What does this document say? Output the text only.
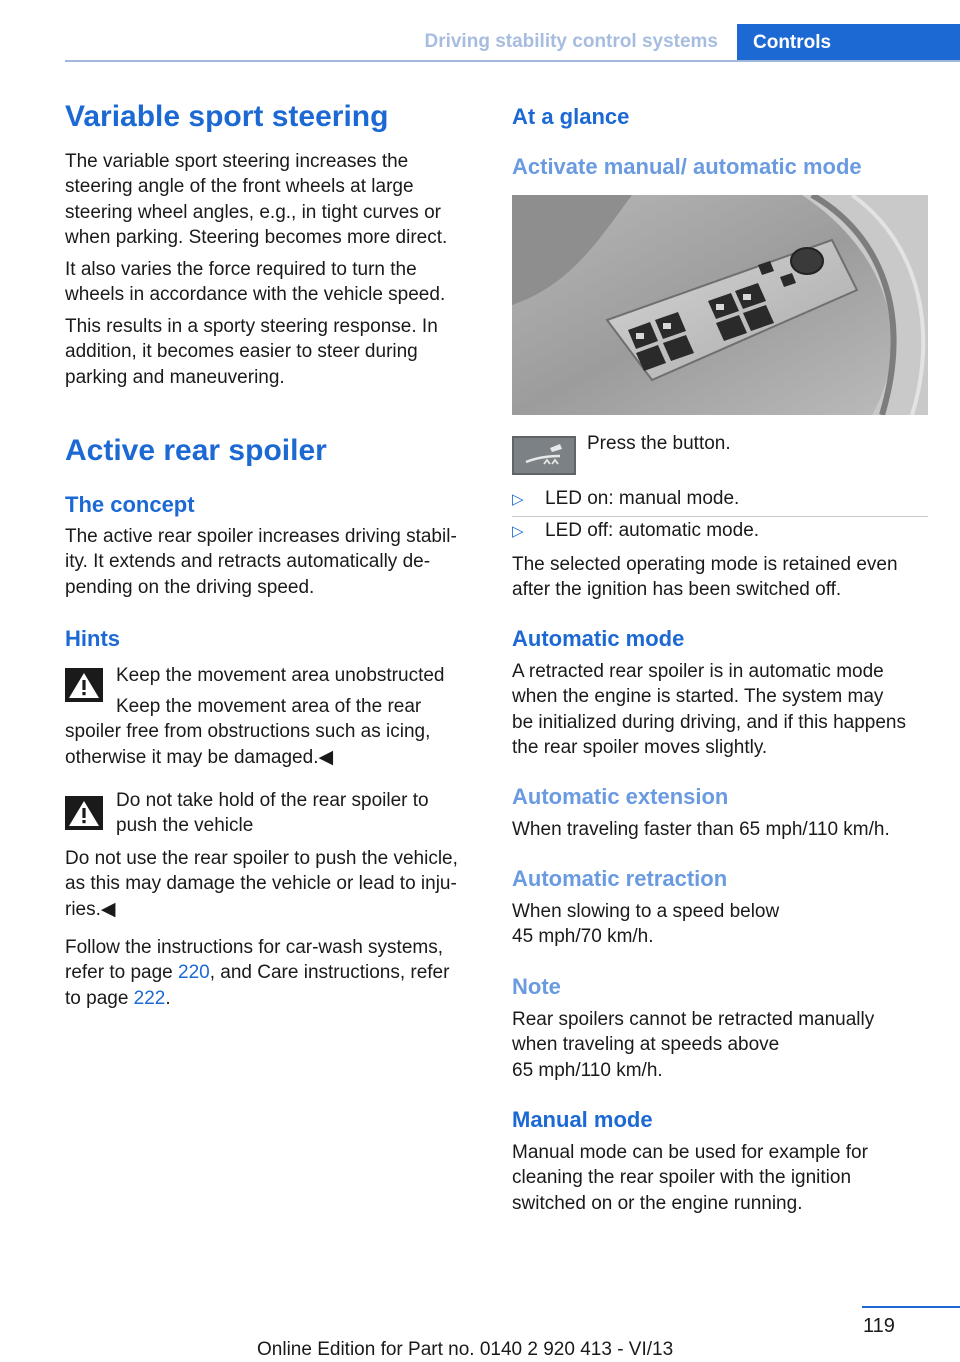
Driving stability control systems	Controls
Variable sport steering
The variable sport steering increases the
steering angle of the front wheels at large
steering wheel angles, e.g., in tight curves or
when parking. Steering becomes more direct.
It also varies the force required to turn the
wheels in accordance with the vehicle speed.
This results in a sporty steering response. In
addition, it becomes easier to steer during
parking and maneuvering.
Active rear spoiler
The concept
The active rear spoiler increases driving stabil‐
ity. It extends and retracts automatically de‐
pending on the driving speed.
Hints
Keep the movement area unobstructed
Keep the movement area of the rear
spoiler free from obstructions such as icing,
otherwise it may be damaged.◀
Do not take hold of the rear spoiler to
push the vehicle
Do not use the rear spoiler to push the vehicle,
as this may damage the vehicle or lead to inju‐
ries.◀
Follow the instructions for car-wash systems,
refer to page 220, and Care instructions, refer
to page 222.
At a glance
Activate manual/ automatic mode
Press the button.
▷ LED on: manual mode.
▷ LED off: automatic mode.
The selected operating mode is retained even
after the ignition has been switched off.
Automatic mode
A retracted rear spoiler is in automatic mode
when the engine is started. The system may
be initialized during driving, and if this happens
the rear spoiler moves slightly.
Automatic extension
When traveling faster than 65 mph/110 km/h.
Automatic retraction
When slowing to a speed below
45 mph/70 km/h.
Note
Rear spoilers cannot be retracted manually
when traveling at speeds above
65 mph/110 km/h.
Manual mode
Manual mode can be used for example for
cleaning the rear spoiler with the ignition
switched on or the engine running.
119
Online Edition for Part no. 0140 2 920 413 - VI/13
